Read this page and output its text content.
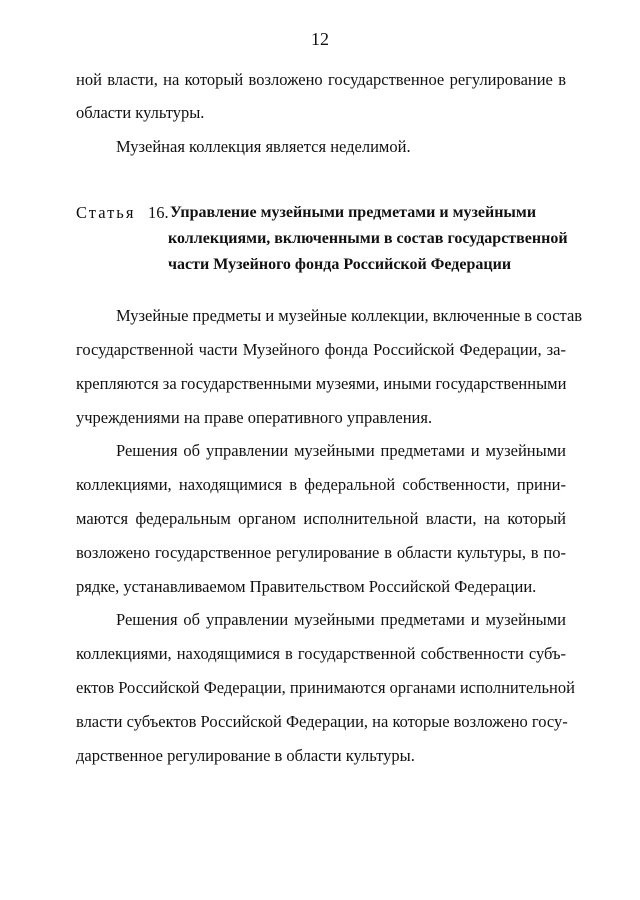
12
ной власти, на который возложено государственное регулирование в
области культуры.
Музейная коллекция является неделимой.
Статья 16. Управление музейными предметами и музейными
коллекциями, включенными в состав государственной
части Музейного фонда Российской Федерации
Музейные предметы и музейные коллекции, включенные в состав
государственной части Музейного фонда Российской Федерации, за-
крепляются за государственными музеями, иными государственными
учреждениями на праве оперативного управления.
Решения об управлении музейными предметами и музейными
коллекциями, находящимися в федеральной собственности, прини-
маются федеральным органом исполнительной власти, на который
возложено государственное регулирование в области культуры, в по-
рядке, устанавливаемом Правительством Российской Федерации.
Решения об управлении музейными предметами и музейными
коллекциями, находящимися в государственной собственности субъ-
ектов Российской Федерации, принимаются органами исполнительной
власти субъектов Российской Федерации, на которые возложено госу-
дарственное регулирование в области культуры.
